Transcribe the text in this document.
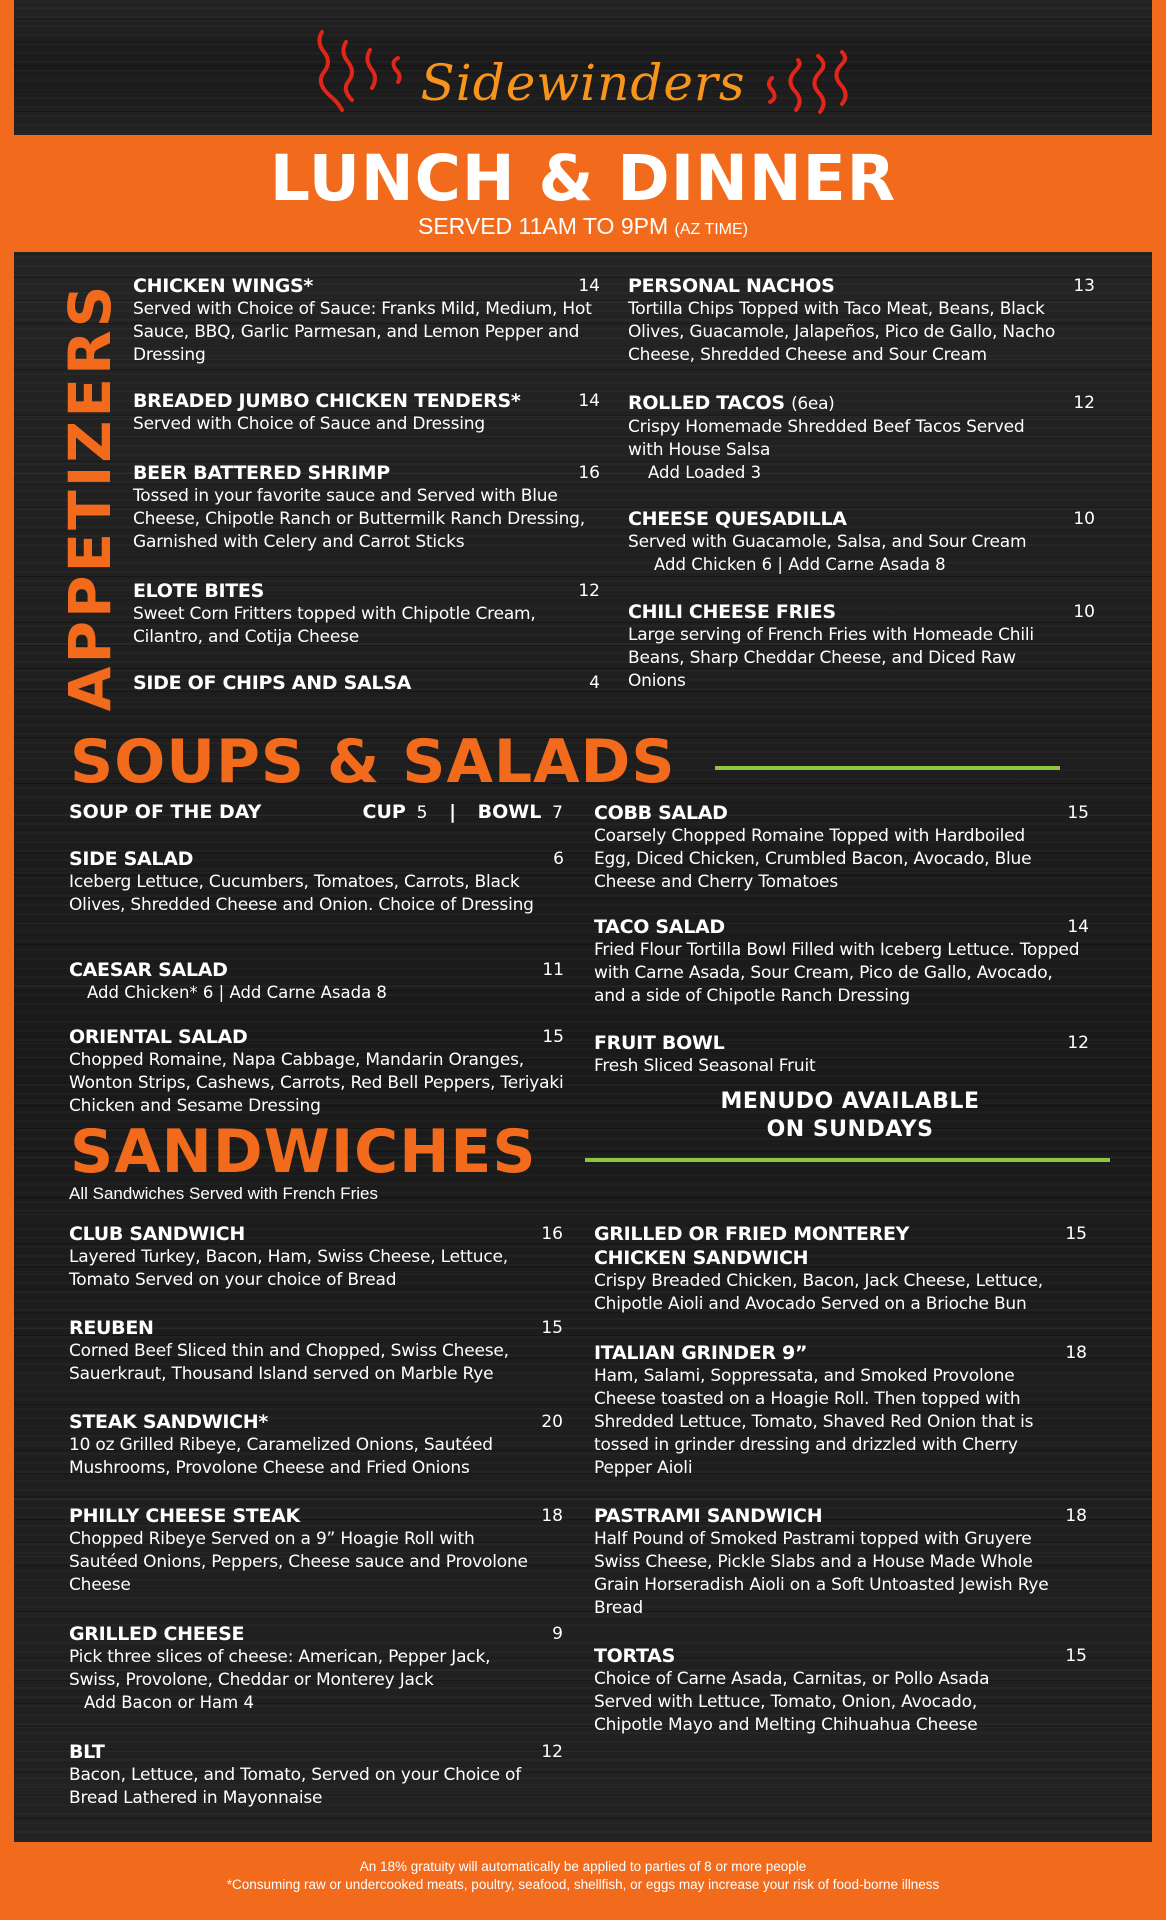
Sidewinders
LUNCH & DINNER
SERVED 11AM TO 9PM (AZ TIME)
APPETIZERS CHICKEN WINGS*	14
Served with Choice of Sauce: Franks Mild, Medium, Hot Sauce, BBQ, Garlic Parmesan, and Lemon Pepper and Dressing
BREADED JUMBO CHICKEN TENDERS*	14
Served with Choice of Sauce and Dressing
BEER BATTERED SHRIMP	16
Tossed in your favorite sauce and Served with Blue Cheese, Chipotle Ranch or Buttermilk Ranch Dressing, Garnished with Celery and Carrot Sticks
ELOTE BITES	12
Sweet Corn Fritters topped with Chipotle Cream, Cilantro, and Cotija Cheese
SIDE OF CHIPS AND SALSA	4
PERSONAL NACHOS	13
Tortilla Chips Topped with Taco Meat, Beans, Black Olives, Guacamole, Jalapeños, Pico de Gallo, Nacho Cheese, Shredded Cheese and Sour Cream
ROLLED TACOS (6ea)	12
Crispy Homemade Shredded Beef Tacos Served with House Salsa
Add Loaded 3
CHEESE QUESADILLA	10
Served with Guacamole, Salsa, and Sour Cream
Add Chicken 6 | Add Carne Asada 8
CHILI CHEESE FRIES	10
Large serving of French Fries with Homeade Chili Beans, Sharp Cheddar Cheese, and Diced Raw Onions
SOUPS & SALADS
SOUP OF THE DAY	CUP 5 | BOWL 7
SIDE SALAD	6
Iceberg Lettuce, Cucumbers, Tomatoes, Carrots, Black Olives, Shredded Cheese and Onion. Choice of Dressing
CAESAR SALAD	11
Add Chicken* 6 | Add Carne Asada 8
ORIENTAL SALAD	15
Chopped Romaine, Napa Cabbage, Mandarin Oranges, Wonton Strips, Cashews, Carrots, Red Bell Peppers, Teriyaki Chicken and Sesame Dressing
COBB SALAD	15
Coarsely Chopped Romaine Topped with Hardboiled Egg, Diced Chicken, Crumbled Bacon, Avocado, Blue Cheese and Cherry Tomatoes
TACO SALAD	14
Fried Flour Tortilla Bowl Filled with Iceberg Lettuce. Topped with Carne Asada, Sour Cream, Pico de Gallo, Avocado, and a side of Chipotle Ranch Dressing
FRUIT BOWL	12
Fresh Sliced Seasonal Fruit
MENUDO AVAILABLE
ON SUNDAYS
SANDWICHES
All Sandwiches Served with French Fries
CLUB SANDWICH	16
Layered Turkey, Bacon, Ham, Swiss Cheese, Lettuce, Tomato Served on your choice of Bread
REUBEN	15
Corned Beef Sliced thin and Chopped, Swiss Cheese, Sauerkraut, Thousand Island served on Marble Rye
STEAK SANDWICH*	20
10 oz Grilled Ribeye, Caramelized Onions, Sautéed Mushrooms, Provolone Cheese and Fried Onions
PHILLY CHEESE STEAK	18
Chopped Ribeye Served on a 9” Hoagie Roll with Sautéed Onions, Peppers, Cheese sauce and Provolone Cheese
GRILLED CHEESE	9
Pick three slices of cheese: American, Pepper Jack, Swiss, Provolone, Cheddar or Monterey Jack
Add Bacon or Ham 4
BLT	12
Bacon, Lettuce, and Tomato, Served on your Choice of Bread Lathered in Mayonnaise
GRILLED OR FRIED MONTEREY CHICKEN SANDWICH
15
Crispy Breaded Chicken, Bacon, Jack Cheese, Lettuce, Chipotle Aioli and Avocado Served on a Brioche Bun
ITALIAN GRINDER 9”	18
Ham, Salami, Soppressata, and Smoked Provolone Cheese toasted on a Hoagie Roll. Then topped with Shredded Lettuce, Tomato, Shaved Red Onion that is tossed in grinder dressing and drizzled with Cherry Pepper Aioli
PASTRAMI SANDWICH	18
Half Pound of Smoked Pastrami topped with Gruyere Swiss Cheese, Pickle Slabs and a House Made Whole Grain Horseradish Aioli on a Soft Untoasted Jewish Rye Bread
TORTAS	15
Choice of Carne Asada, Carnitas, or Pollo Asada Served with Lettuce, Tomato, Onion, Avocado, Chipotle Mayo and Melting Chihuahua Cheese
An 18% gratuity will automatically be applied to parties of 8 or more people
*Consuming raw or undercooked meats, poultry, seafood, shellfish, or eggs may increase your risk of food-borne illness
